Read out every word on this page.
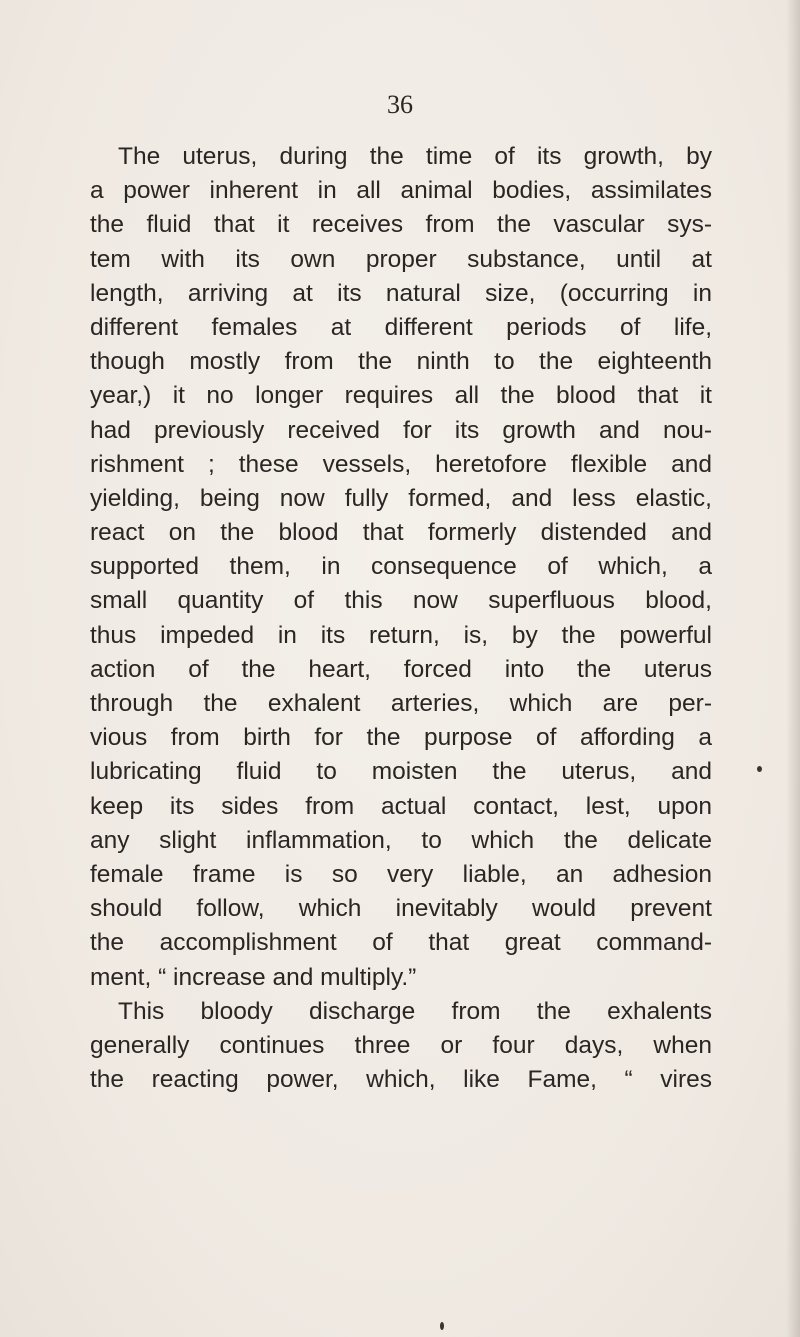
36
The uterus, during the time of its growth, by
a power inherent in all animal bodies, assimilates
the fluid that it receives from the vascular sys-
tem with its own proper substance, until at
length, arriving at its natural size, (occurring in
different females at different periods of life,
though mostly from the ninth to the eighteenth
year,) it no longer requires all the blood that it
had previously received for its growth and nou-
rishment ; these vessels, heretofore flexible and
yielding, being now fully formed, and less elastic,
react on the blood that formerly distended and
supported them, in consequence of which, a
small quantity of this now superfluous blood,
thus impeded in its return, is, by the powerful
action of the heart, forced into the uterus
through the exhalent arteries, which are per-
vious from birth for the purpose of affording a
lubricating fluid to moisten the uterus, and
keep its sides from actual contact, lest, upon
any slight inflammation, to which the delicate
female frame is so very liable, an adhesion
should follow, which inevitably would prevent
the accomplishment of that great command-
ment, “ increase and multiply.”
This bloody discharge from the exhalents
generally continues three or four days, when
the reacting power, which, like Fame, “ vires
